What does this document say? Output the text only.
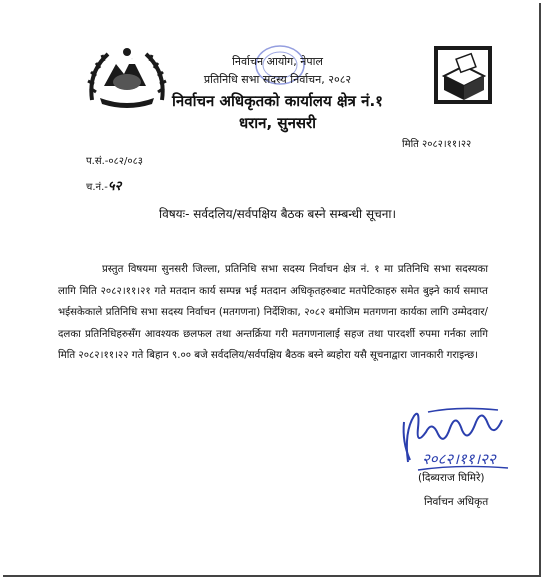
निर्वाचन आयोग, नेपाल
प्रतिनिधि सभा सदस्य निर्वाचन, २०८२
निर्वाचन अधिकृतको कार्यालय क्षेत्र नं.१
धरान, सुनसरी
मिति २०८२।११।२२
प.सं.-०८२/०८३
च.नं.-५२
विषयः- सर्वदलिय/सर्वपक्षिय बैठक बस्ने सम्बन्धी सूचना।

प्रस्तुत विषयमा सुनसरी जिल्ला, प्रतिनिधि सभा सदस्य निर्वाचन क्षेत्र नं. १ मा प्रतिनिधि सभा सदस्यका लागि मिति २०८२।११।२१ गते मतदान कार्य सम्पन्न भई मतदान अधिकृतहरुबाट मतपेटिकाहरु समेत बुझ्ने कार्य समाप्त भईसकेकाले प्रतिनिधि सभा सदस्य निर्वाचन (मतगणना) निर्देशिका, २०८२ बमोजिम मतगणना कार्यका लागि उम्मेदवार/दलका प्रतिनिधिहरुसँग आवश्यक छलफल तथा अन्तर्क्रिया गरी मतगणनालाई सहज तथा पारदर्शी रुपमा गर्नका लागि मिति २०८२।११।२२ गते बिहान ९.०० बजे सर्वदलिय/सर्वपक्षिय बैठक बस्ने ब्यहोरा यसै सूचनाद्वारा जानकारी गराइन्छ।

२०८२।११।२२
(दिब्यराज घिमिरे)
निर्वाचन अधिकृत
